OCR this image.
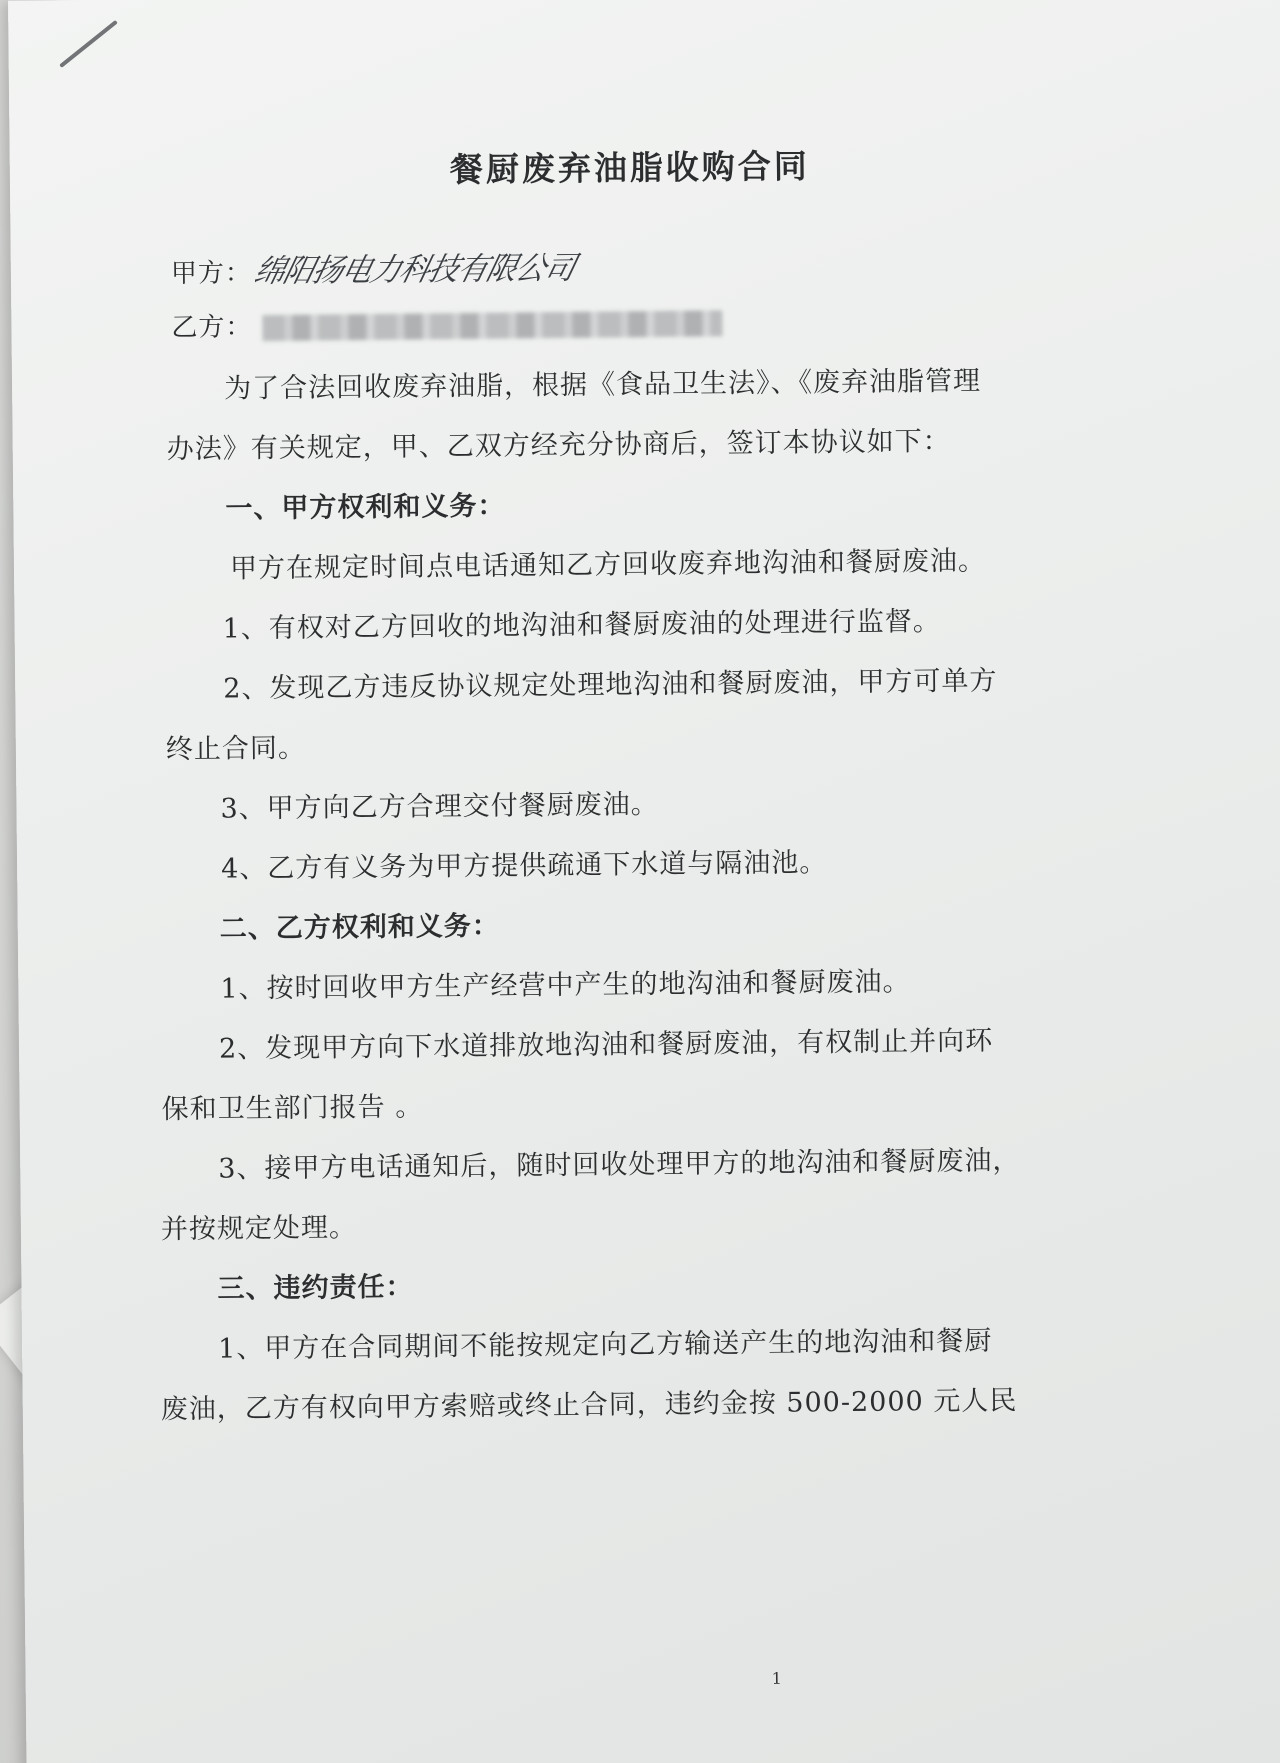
餐厨废弃油脂收购合同
甲方：绵阳扬电力科技有限公司
乙方：
为了合法回收废弃油脂，根据《食品卫生法》、《废弃油脂管理
办法》有关规定，甲、乙双方经充分协商后，签订本协议如下：
一、甲方权利和义务：
甲方在规定时间点电话通知乙方回收废弃地沟油和餐厨废油。
1、有权对乙方回收的地沟油和餐厨废油的处理进行监督。
2、发现乙方违反协议规定处理地沟油和餐厨废油，甲方可单方
终止合同。
3、甲方向乙方合理交付餐厨废油。
4、乙方有义务为甲方提供疏通下水道与隔油池。
二、乙方权利和义务：
1、按时回收甲方生产经营中产生的地沟油和餐厨废油。
2、发现甲方向下水道排放地沟油和餐厨废油，有权制止并向环
保和卫生部门报告 。
3、接甲方电话通知后，随时回收处理甲方的地沟油和餐厨废油，
并按规定处理。
三、违约责任：
1、甲方在合同期间不能按规定向乙方输送产生的地沟油和餐厨
废油，乙方有权向甲方索赔或终止合同，违约金按 500-2000 元人民
1
